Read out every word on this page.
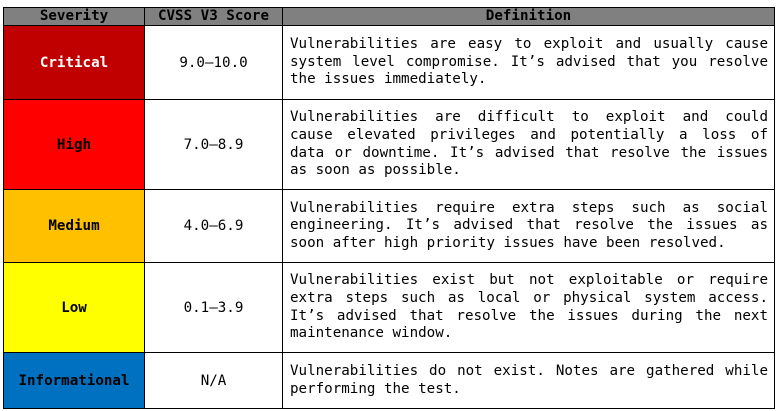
Severity	CVSS V3 Score	Definition
Critical	9.0–10.0	Vulnerabilities are easy to exploit and usually cause system level compromise. It’s advised that you resolve the issues immediately.
High	7.0–8.9	Vulnerabilities are difficult to exploit and could cause elevated privileges and potentially a loss of data or downtime. It’s advised that resolve the issues as soon as possible.
Medium	4.0–6.9	Vulnerabilities require extra steps such as social engineering. It’s advised that resolve the issues as soon after high priority issues have been resolved.
Low	0.1–3.9	Vulnerabilities exist but not exploitable or require extra steps such as local or physical system access. It’s advised that resolve the issues during the next maintenance window.
Informational	N/A	Vulnerabilities do not exist. Notes are gathered while performing the test.
